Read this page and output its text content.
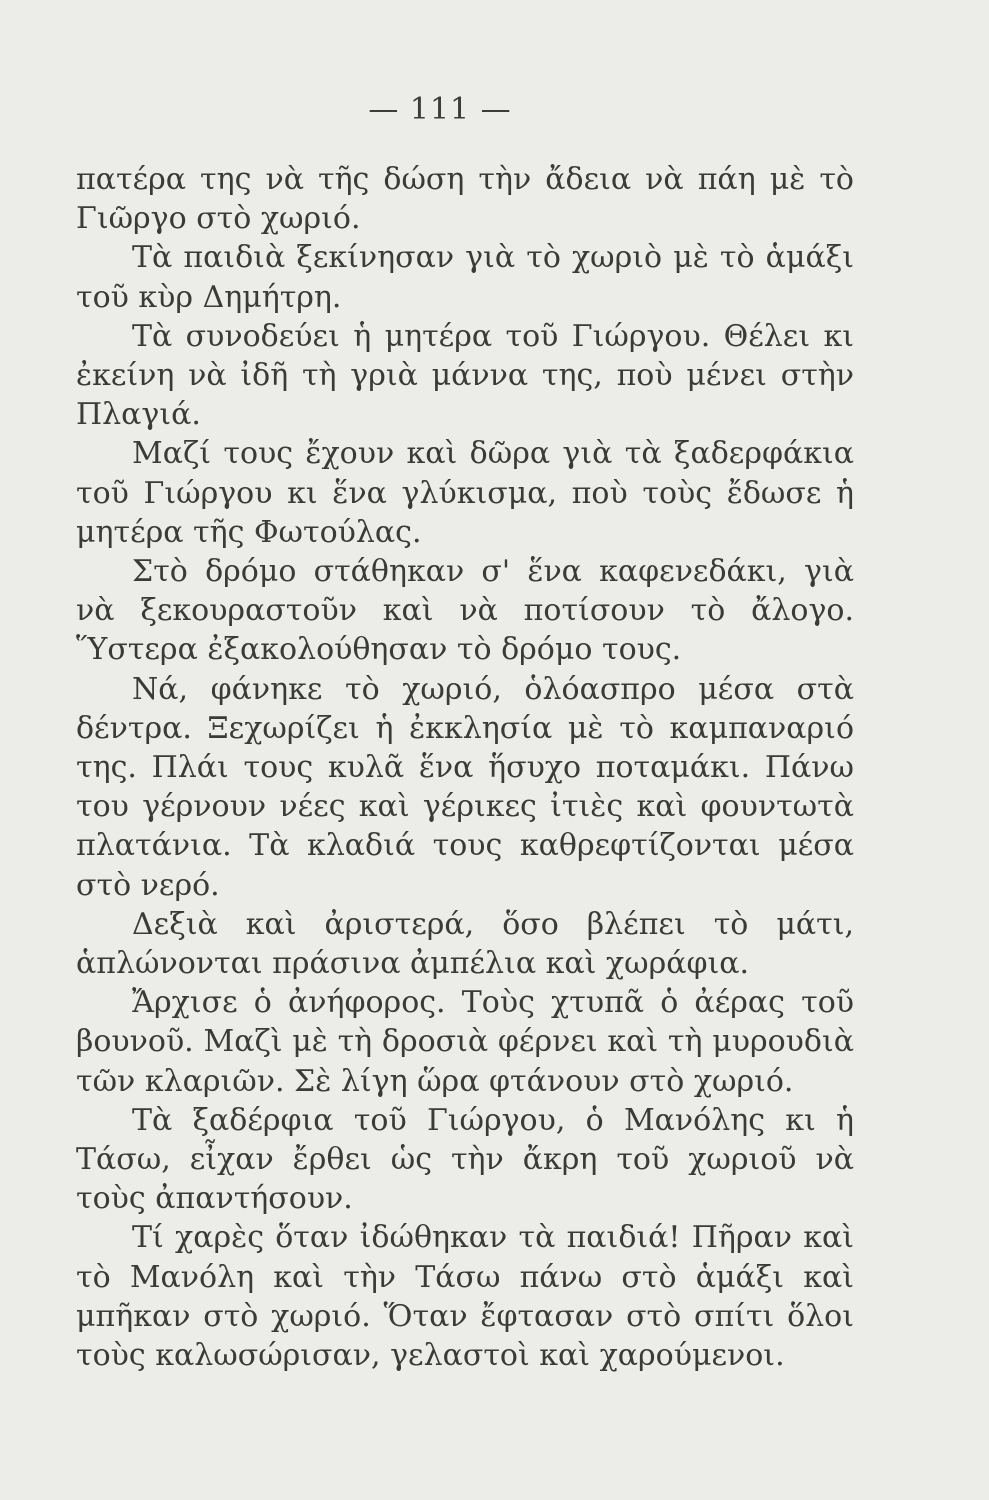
— 111 —

πατέρα της νὰ τῆς δώση τὴν ἄδεια νὰ πάη μὲ τὸ Γιῶργο στὸ χωριό.

Τὰ παιδιὰ ξεκίνησαν γιὰ τὸ χωριὸ μὲ τὸ ἁμάξι τοῦ κὺρ Δημήτρη.

Τὰ συνοδεύει ἡ μητέρα τοῦ Γιώργου. Θέλει κι ἐκείνη νὰ ἰδῆ τὴ γριὰ μάννα της, ποὺ μένει στὴν Πλαγιά.

Μαζί τους ἔχουν καὶ δῶρα γιὰ τὰ ξαδερφάκια τοῦ Γιώργου κι ἕνα γλύκισμα, ποὺ τοὺς ἔδωσε ἡ μητέρα τῆς Φωτούλας.

Στὸ δρόμο στάθηκαν σ' ἕνα καφενεδάκι, γιὰ νὰ ξεκουραστοῦν καὶ νὰ ποτίσουν τὸ ἄλογο. Ὕστερα ἐξακολούθησαν τὸ δρόμο τους.

Νά, φάνηκε τὸ χωριό, ὁλόασπρο μέσα στὰ δέντρα. Ξεχωρίζει ἡ ἐκκλησία μὲ τὸ καμπαναριό της. Πλάι τους κυλᾶ ἕνα ἥσυχο ποταμάκι. Πάνω του γέρνουν νέες καὶ γέρικες ἰτιὲς καὶ φουντωτὰ πλατάνια. Τὰ κλαδιά τους καθρεφτίζονται μέσα στὸ νερό.

Δεξιὰ καὶ ἀριστερά, ὅσο βλέπει τὸ μάτι, ἁπλώνονται πράσινα ἀμπέλια καὶ χωράφια.

Ἄρχισε ὁ ἀνήφορος. Τοὺς χτυπᾶ ὁ ἀέρας τοῦ βουνοῦ. Μαζὶ μὲ τὴ δροσιὰ φέρνει καὶ τὴ μυρουδιὰ τῶν κλαριῶν. Σὲ λίγη ὥρα φτάνουν στὸ χωριό.

Τὰ ξαδέρφια τοῦ Γιώργου, ὁ Μανόλης κι ἡ Τάσω, εἶχαν ἔρθει ὡς τὴν ἄκρη τοῦ χωριοῦ νὰ τοὺς ἀπαντήσουν.

Τί χαρὲς ὅταν ἰδώθηκαν τὰ παιδιά! Πῆραν καὶ τὸ Μανόλη καὶ τὴν Τάσω πάνω στὸ ἁμάξι καὶ μπῆκαν στὸ χωριό. Ὅταν ἔφτασαν στὸ σπίτι ὅλοι τοὺς καλωσώρισαν, γελαστοὶ καὶ χαρούμενοι.
